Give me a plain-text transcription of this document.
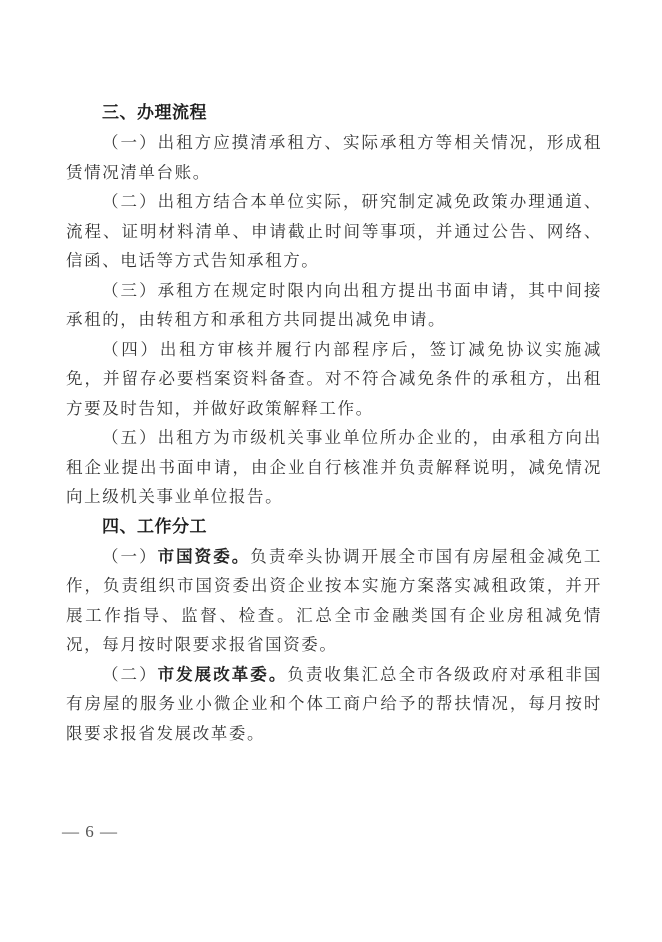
三、办理流程

（一）出租方应摸清承租方、实际承租方等相关情况，形成租赁情况清单台账。

（二）出租方结合本单位实际，研究制定减免政策办理通道、流程、证明材料清单、申请截止时间等事项，并通过公告、网络、信函、电话等方式告知承租方。

（三）承租方在规定时限内向出租方提出书面申请，其中间接承租的，由转租方和承租方共同提出减免申请。

（四）出租方审核并履行内部程序后，签订减免协议实施减免，并留存必要档案资料备查。对不符合减免条件的承租方，出租方要及时告知，并做好政策解释工作。

（五）出租方为市级机关事业单位所办企业的，由承租方向出租企业提出书面申请，由企业自行核准并负责解释说明，减免情况向上级机关事业单位报告。

四、工作分工

（一）市国资委。负责牵头协调开展全市国有房屋租金减免工作，负责组织市国资委出资企业按本实施方案落实减租政策，并开展工作指导、监督、检查。汇总全市金融类国有企业房租减免情况，每月按时限要求报省国资委。

（二）市发展改革委。负责收集汇总全市各级政府对承租非国有房屋的服务业小微企业和个体工商户给予的帮扶情况，每月按时限要求报省发展改革委。

— 6 —
